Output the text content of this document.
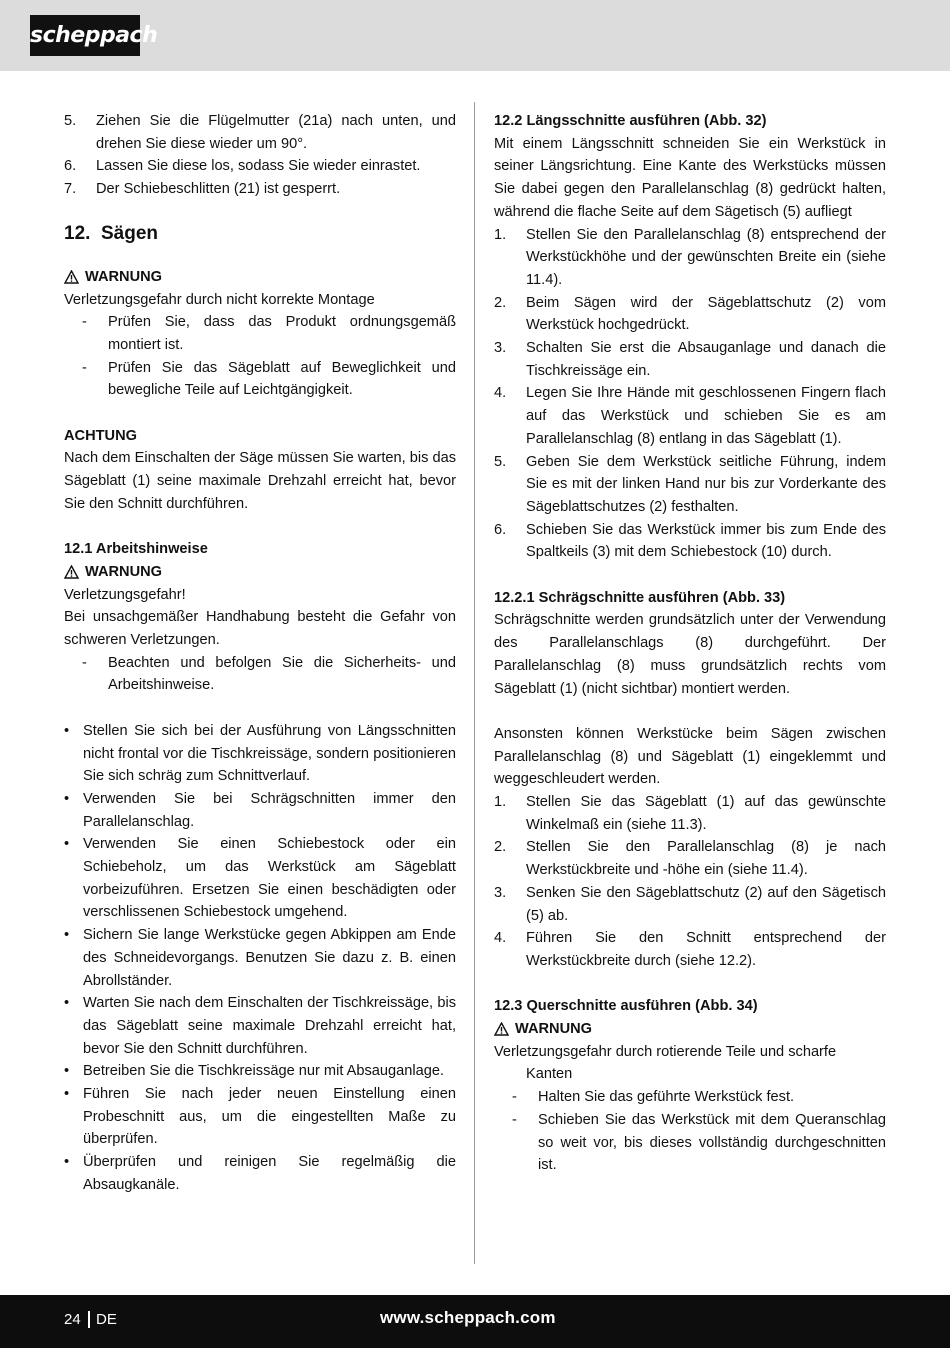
scheppach
5.	Ziehen Sie die Flügelmutter (21a) nach unten, und drehen Sie diese wieder um 90°.
6.	Lassen Sie diese los, sodass Sie wieder einrastet.
7.	Der Schiebeschlitten (21) ist gesperrt.
12.  Sägen
WARNUNG
Verletzungsgefahr durch nicht korrekte Montage
-	Prüfen Sie, dass das Produkt ordnungsgemäß montiert ist.
-	Prüfen Sie das Sägeblatt auf Beweglichkeit und bewegliche Teile auf Leichtgängigkeit.
ACHTUNG
Nach dem Einschalten der Säge müssen Sie warten, bis das Sägeblatt (1) seine maximale Drehzahl erreicht hat, bevor Sie den Schnitt durchführen.
12.1 Arbeitshinweise
WARNUNG
Verletzungsgefahr!
Bei unsachgemäßer Handhabung besteht die Gefahr von schweren Verletzungen.
-	Beachten und befolgen Sie die Sicherheits- und Arbeitshinweise.
• Stellen Sie sich bei der Ausführung von Längsschnitten nicht frontal vor die Tischkreissäge, sondern positionieren Sie sich schräg zum Schnittverlauf.
• Verwenden Sie bei Schrägschnitten immer den Parallelanschlag.
• Verwenden Sie einen Schiebestock oder ein Schiebeholz, um das Werkstück am Sägeblatt vorbeizuführen. Ersetzen Sie einen beschädigten oder verschlissenen Schiebestock umgehend.
• Sichern Sie lange Werkstücke gegen Abkippen am Ende des Schneidevorgangs. Benutzen Sie dazu z. B. einen Abrollständer.
• Warten Sie nach dem Einschalten der Tischkreissäge, bis das Sägeblatt seine maximale Drehzahl erreicht hat, bevor Sie den Schnitt durchführen.
• Betreiben Sie die Tischkreissäge nur mit Absauganlage.
• Führen Sie nach jeder neuen Einstellung einen Probeschnitt aus, um die eingestellten Maße zu überprüfen.
• Überprüfen und reinigen Sie regelmäßig die Absaugkanäle.
12.2 Längsschnitte ausführen (Abb. 32)
Mit einem Längsschnitt schneiden Sie ein Werkstück in seiner Längsrichtung. Eine Kante des Werkstücks müssen Sie dabei gegen den Parallelanschlag (8) gedrückt halten, während die flache Seite auf dem Sägetisch (5) aufliegt
1.	Stellen Sie den Parallelanschlag (8) entsprechend der Werkstückhöhe und der gewünschten Breite ein (siehe 11.4).
2.	Beim Sägen wird der Sägeblattschutz (2) vom Werkstück hochgedrückt.
3.	Schalten Sie erst die Absauganlage und danach die Tischkreissäge ein.
4.	Legen Sie Ihre Hände mit geschlossenen Fingern flach auf das Werkstück und schieben Sie es am Parallelanschlag (8) entlang in das Sägeblatt (1).
5.	Geben Sie dem Werkstück seitliche Führung, indem Sie es mit der linken Hand nur bis zur Vorderkante des Sägeblattschutzes (2) festhalten.
6.	Schieben Sie das Werkstück immer bis zum Ende des Spaltkeils (3) mit dem Schiebestock (10) durch.
12.2.1 Schrägschnitte ausführen (Abb. 33)
Schrägschnitte werden grundsätzlich unter der Verwendung des Parallelanschlags (8) durchgeführt. Der Parallelanschlag (8) muss grundsätzlich rechts vom Sägeblatt (1) (nicht sichtbar) montiert werden.
Ansonsten können Werkstücke beim Sägen zwischen Parallelanschlag (8) und Sägeblatt (1) eingeklemmt und weggeschleudert werden.
1.	Stellen Sie das Sägeblatt (1) auf das gewünschte Winkelmaß ein (siehe 11.3).
2.	Stellen Sie den Parallelanschlag (8) je nach Werkstückbreite und -höhe ein (siehe 11.4).
3.	Senken Sie den Sägeblattschutz (2) auf den Sägetisch (5) ab.
4.	Führen Sie den Schnitt entsprechend der Werkstückbreite durch (siehe 12.2).
12.3 Querschnitte ausführen (Abb. 34)
WARNUNG
Verletzungsgefahr durch rotierende Teile und scharfe
Kanten
-	Halten Sie das geführte Werkstück fest.
-	Schieben Sie das Werkstück mit dem Queranschlag so weit vor, bis dieses vollständig durchgeschnitten ist.
24 DE	www.scheppach.com
